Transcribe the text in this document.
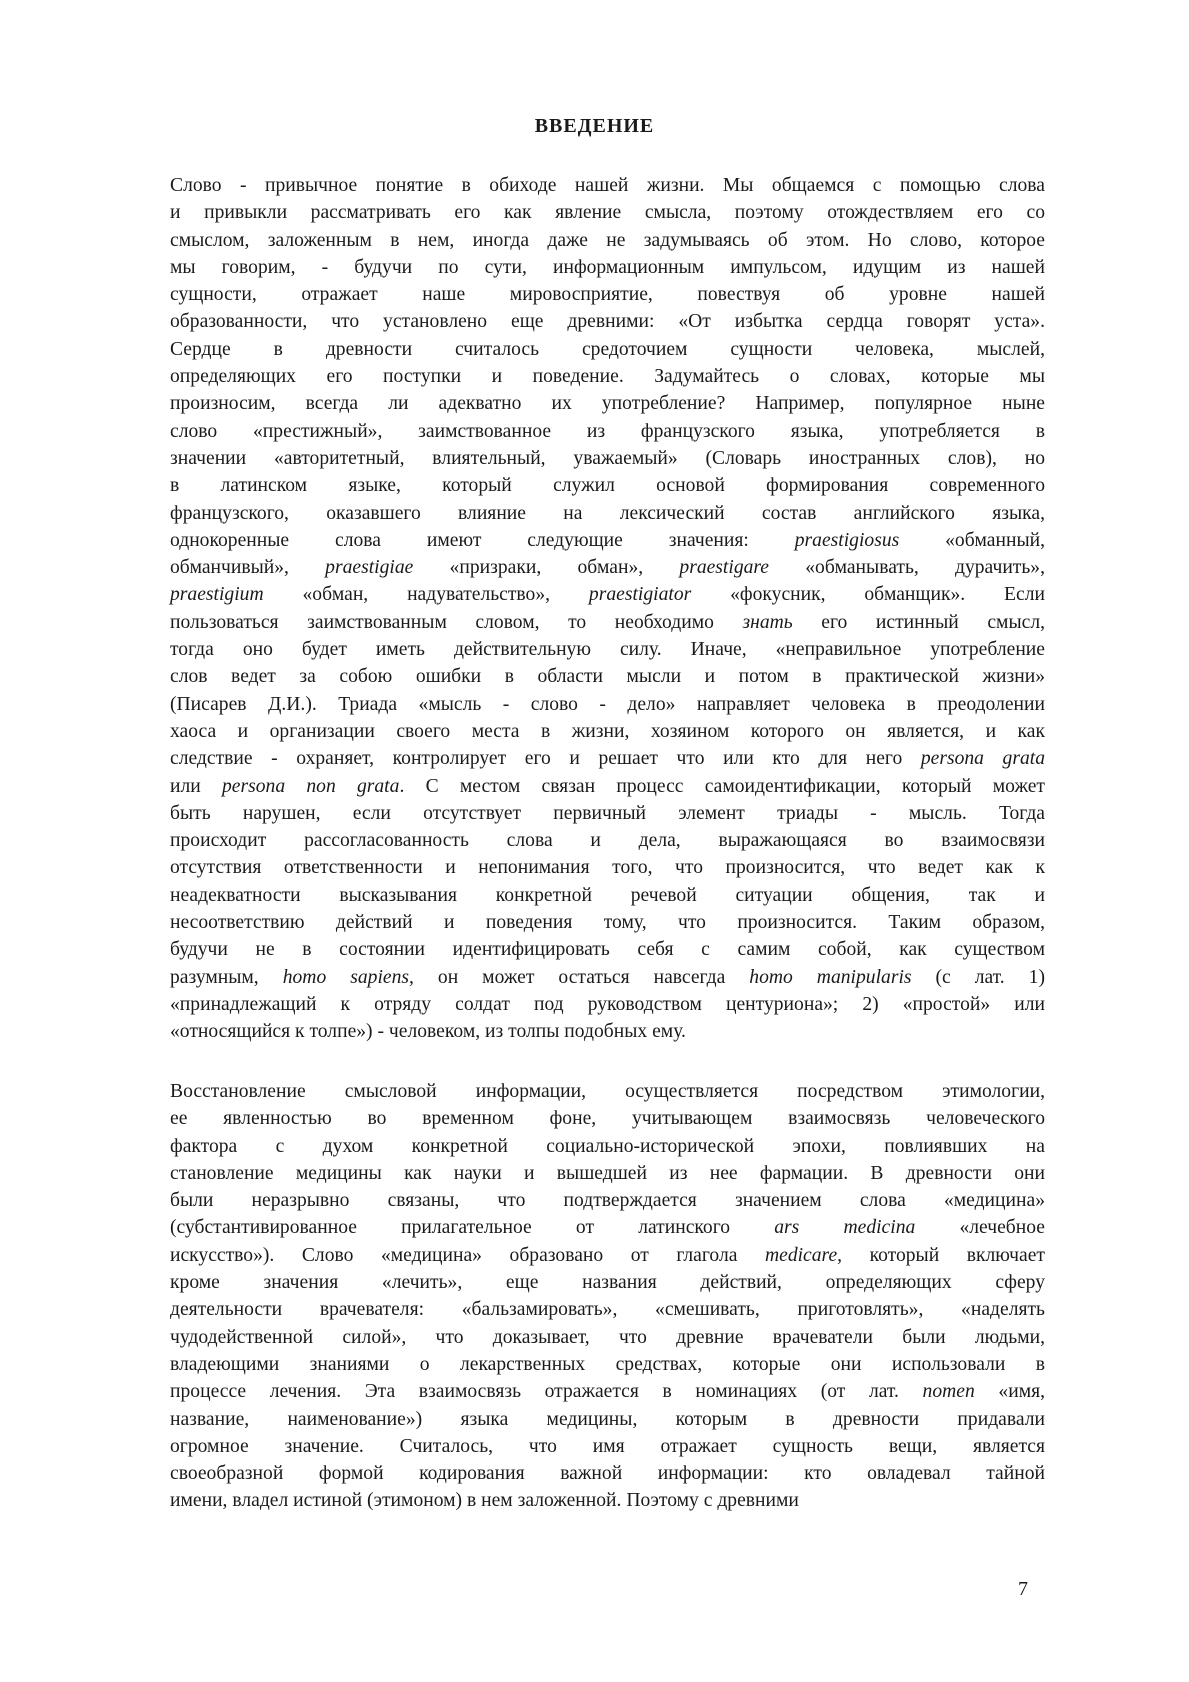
ВВЕДЕНИЕ
Слово - привычное понятие в обиходе нашей жизни. Мы общаемся с помощью слова
и привыкли рассматривать его как явление смысла, поэтому отождествляем его со
смыслом, заложенным в нем, иногда даже не задумываясь об этом. Но слово, которое
мы говорим, - будучи по сути, информационным импульсом, идущим из нашей
сущности, отражает наше мировосприятие, повествуя об уровне нашей
образованности, что установлено еще древними: «От избытка сердца говорят уста».
Сердце в древности считалось средоточием сущности человека, мыслей,
определяющих его поступки и поведение. Задумайтесь о словах, которые мы
произносим, всегда ли адекватно их употребление? Например, популярное ныне
слово «престижный», заимствованное из французского языка, употребляется в
значении «авторитетный, влиятельный, уважаемый» (Словарь иностранных слов), но
в латинском языке, который служил основой формирования современного
французского, оказавшего влияние на лексический состав английского языка,
однокоренные слова имеют следующие значения: praestigiosus «обманный,
обманчивый», praestigiae «призраки, обман», praestigare «обманывать, дурачить»,
praestigium «обман, надувательство», praestigiator «фокусник, обманщик». Если
пользоваться заимствованным словом, то необходимо знать его истинный смысл,
тогда оно будет иметь действительную силу. Иначе, «неправильное употребление
слов ведет за собою ошибки в области мысли и потом в практической жизни»
(Писарев Д.И.). Триада «мысль - слово - дело» направляет человека в преодолении
хаоса и организации своего места в жизни, хозяином которого он является, и как
следствие - охраняет, контролирует его и решает что или кто для него persona grata
или persona non grata. С местом связан процесс самоидентификации, который может
быть нарушен, если отсутствует первичный элемент триады - мысль. Тогда
происходит рассогласованность слова и дела, выражающаяся во взаимосвязи
отсутствия ответственности и непонимания того, что произносится, что ведет как к
неадекватности высказывания конкретной речевой ситуации общения, так и
несоответствию действий и поведения тому, что произносится. Таким образом,
будучи не в состоянии идентифицировать себя с самим собой, как существом
разумным, homo sapiens, он может остаться навсегда homo manipularis (с лат. 1)
«принадлежащий к отряду солдат под руководством центуриона»; 2) «простой» или
«относящийся к толпе») - человеком, из толпы подобных ему.
Восстановление смысловой информации, осуществляется посредством этимологии,
ее явленностью во временном фоне, учитывающем взаимосвязь человеческого
фактора с духом конкретной социально-исторической эпохи, повлиявших на
становление медицины как науки и вышедшей из нее фармации. В древности они
были неразрывно связаны, что подтверждается значением слова «медицина»
(субстантивированное прилагательное от латинского ars medicina «лечебное
искусство»). Слово «медицина» образовано от глагола medicare, который включает
кроме значения «лечить», еще названия действий, определяющих сферу
деятельности врачевателя: «бальзамировать», «смешивать, приготовлять», «наделять
чудодейственной силой», что доказывает, что древние врачеватели были людьми,
владеющими знаниями о лекарственных средствах, которые они использовали в
процессе лечения. Эта взаимосвязь отражается в номинациях (от лат. nomen «имя,
название, наименование») языка медицины, которым в древности придавали
огромное значение. Считалось, что имя отражает сущность вещи, является
своеобразной формой кодирования важной информации: кто овладевал тайной
имени, владел истиной (этимоном) в нем заложенной. Поэтому с древними
7
